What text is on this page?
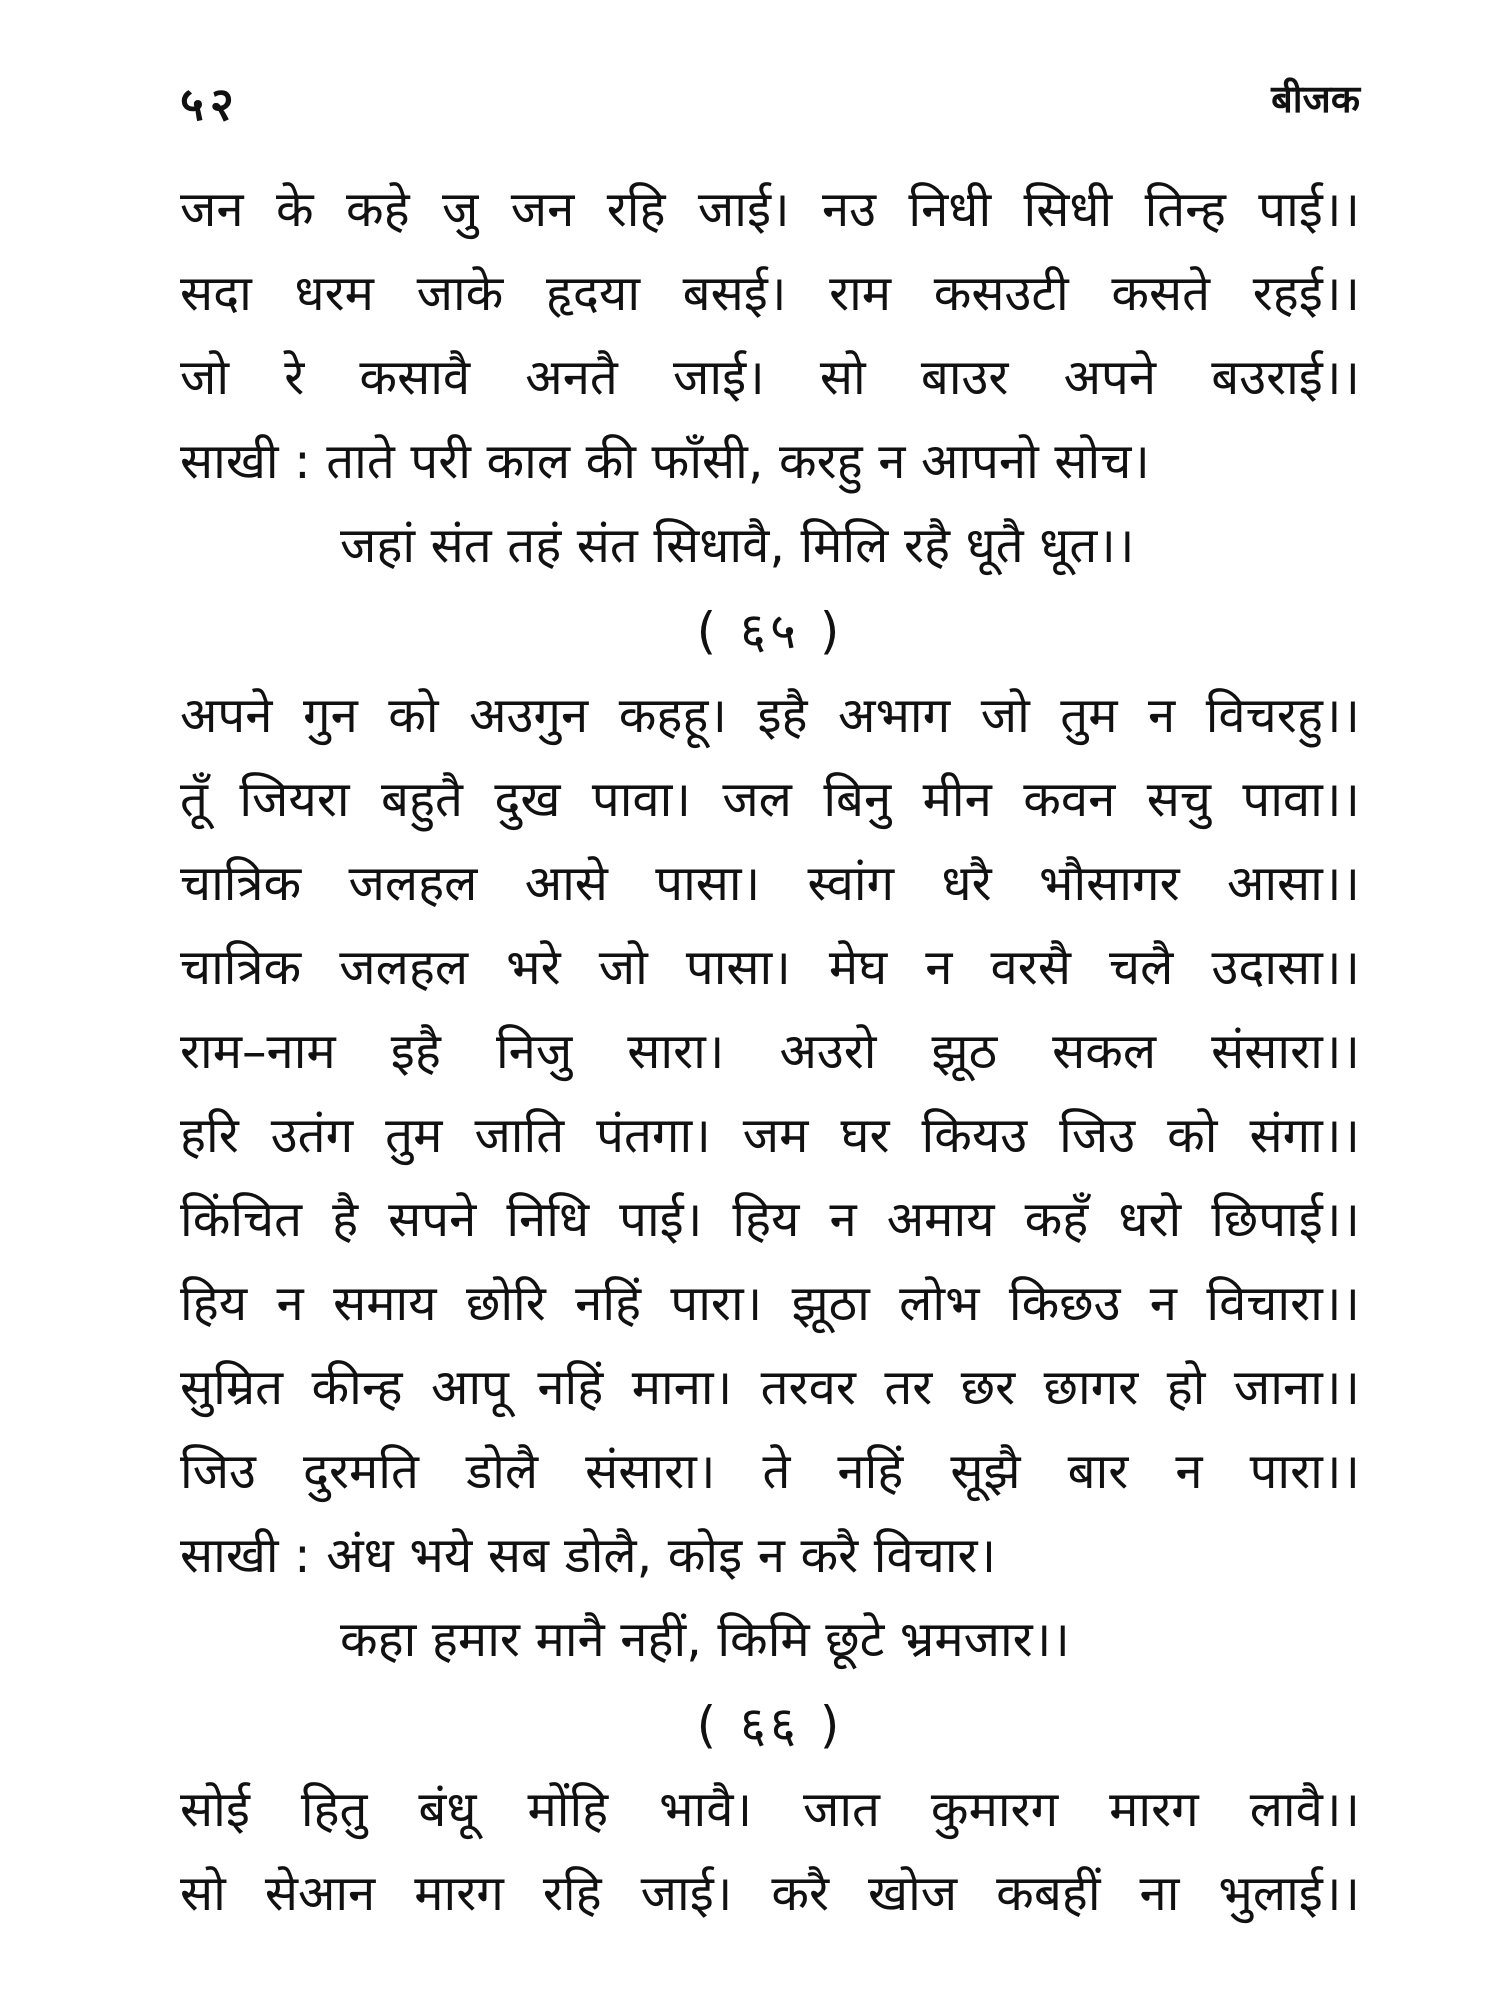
५२	बीजक
जन के कहे जु जन रहि जाई। नउ निधी सिधी तिन्ह पाई।।
सदा धरम जाके हृदया बसई। राम कसउटी कसते रहई।।
जो रे कसावै अनतै जाई। सो बाउर अपने बउराई।।
साखी : ताते परी काल की फाँसी, करहु न आपनो सोच।
जहां संत तहं संत सिधावै, मिलि रहै धूतै धूत।।
( ६५ )
अपने गुन को अउगुन कहहू। इहै अभाग जो तुम न विचरहु।।
तूँ जियरा बहुतै दुख पावा। जल बिनु मीन कवन सचु पावा।।
चात्रिक जलहल आसे पासा। स्वांग धरै भौसागर आसा।।
चात्रिक जलहल भरे जो पासा। मेघ न वरसै चलै उदासा।।
राम–नाम इहै निजु सारा। अउरो झूठ सकल संसारा।।
हरि उतंग तुम जाति पंतगा। जम घर कियउ जिउ को संगा।।
किंचित है सपने निधि पाई। हिय न अमाय कहँ धरो छिपाई।।
हिय न समाय छोरि नहिं पारा। झूठा लोभ किछउ न विचारा।।
सुम्रित कीन्ह आपू नहिं माना। तरवर तर छर छागर हो जाना।।
जिउ दुरमति डोलै संसारा। ते नहिं सूझै बार न पारा।।
साखी : अंध भये सब डोलै, कोइ न करै विचार।
कहा हमार मानै नहीं, किमि छूटे भ्रमजार।।
( ६६ )
सोई हितु बंधू मोंहि भावै। जात कुमारग मारग लावै।।
सो सेआन मारग रहि जाई। करै खोज कबहीं ना भुलाई।।
